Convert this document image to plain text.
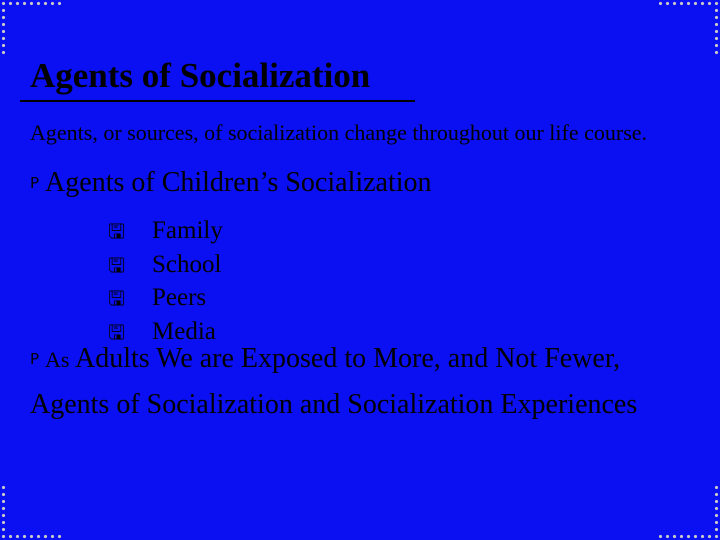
Agents of Socialization
Agents, or sources, of socialization change throughout our life course.
P Agents of Children’s Socialization
🖫 Family
🖫 School
🖫 Peers
🖫 Media
P As Adults We are Exposed to More, and Not Fewer, Agents of Socialization and Socialization Experiences
